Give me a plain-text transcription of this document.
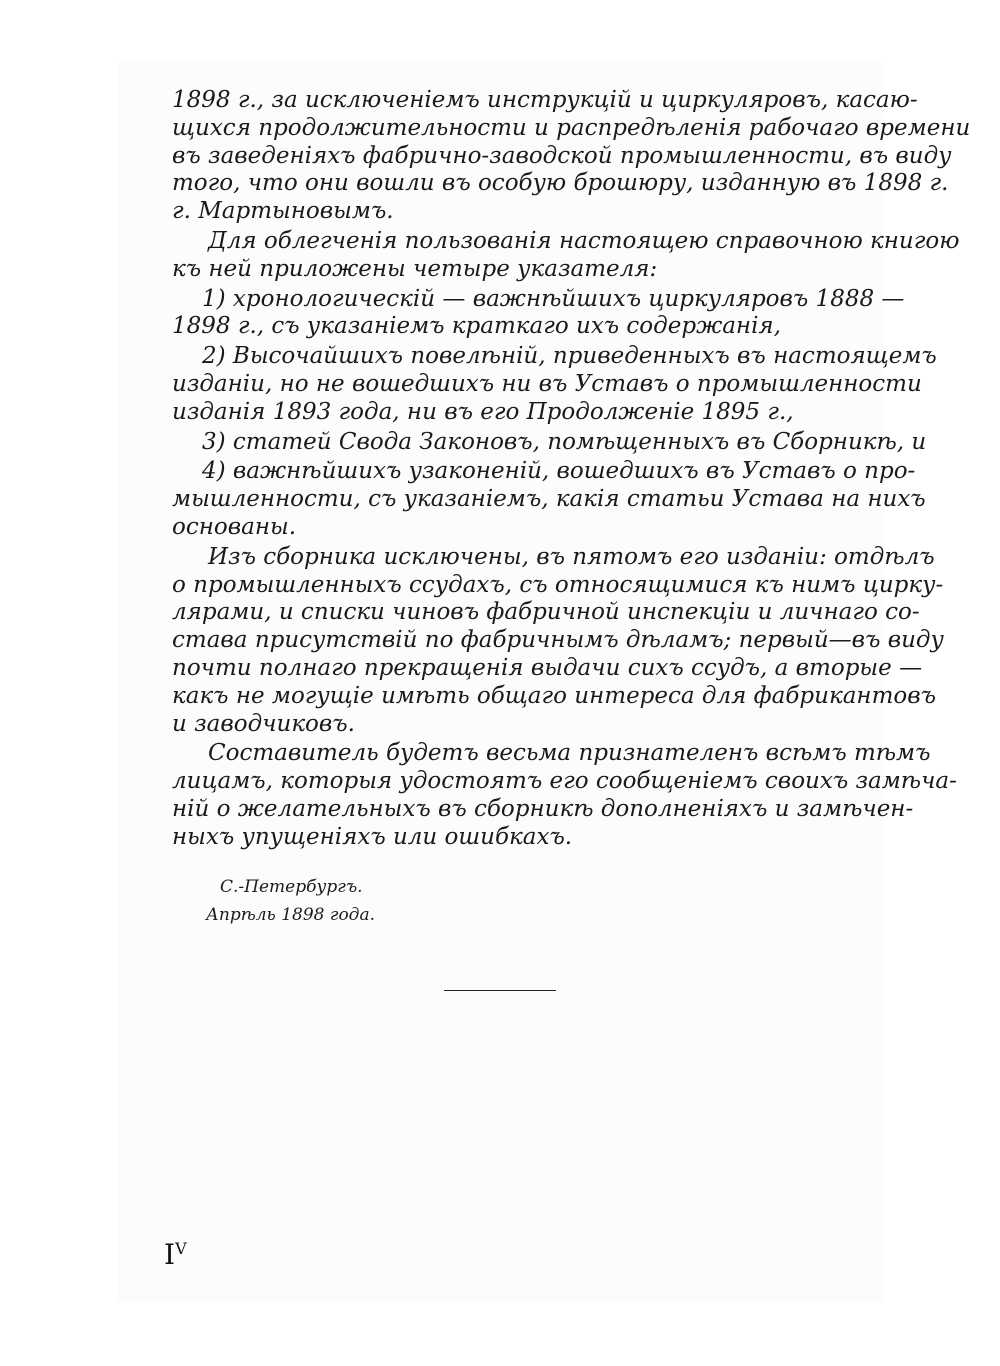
1898 г., за исключеніемъ инструкцій и циркуляровъ, касаю-
щихся продолжительности и распредѣленія рабочаго времени
въ заведеніяхъ фабрично-заводской промышленности, въ виду
того, что они вошли въ особую брошюру, изданную въ 1898 г.
г. Мартыновымъ.
Для облегченія пользованія настоящею справочною книгою
къ ней приложены четыре указателя:
1) хронологическій — важнѣйшихъ циркуляровъ 1888 —
1898 г., съ указаніемъ краткаго ихъ содержанія,
2) Высочайшихъ повелѣній, приведенныхъ въ настоящемъ
изданіи, но не вошедшихъ ни въ Уставъ о промышленности
изданія 1893 года, ни въ его Продолженіе 1895 г.,
3) статей Свода Законовъ, помѣщенныхъ въ Сборникѣ, и
4) важнѣйшихъ узаконеній, вошедшихъ въ Уставъ о про-
мышленности, съ указаніемъ, какія статьи Устава на нихъ
основаны.
Изъ сборника исключены, въ пятомъ его изданіи: отдѣлъ
о промышленныхъ ссудахъ, съ относящимися къ нимъ цирку-
лярами, и списки чиновъ фабричной инспекціи и личнаго со-
става присутствій по фабричнымъ дѣламъ; первый—въ виду
почти полнаго прекращенія выдачи сихъ ссудъ, а вторые —
какъ не могущіе имѣть общаго интереса для фабрикантовъ
и заводчиковъ.
Составитель будетъ весьма признателенъ всѣмъ тѣмъ
лицамъ, которыя удостоятъ его сообщеніемъ своихъ замѣча-
ній о желательныхъ въ сборникѣ дополненіяхъ и замѣчен-
ныхъ упущеніяхъ или ошибкахъ.
С.-Петербургъ.
Апрѣль 1898 года.
$I^V$
